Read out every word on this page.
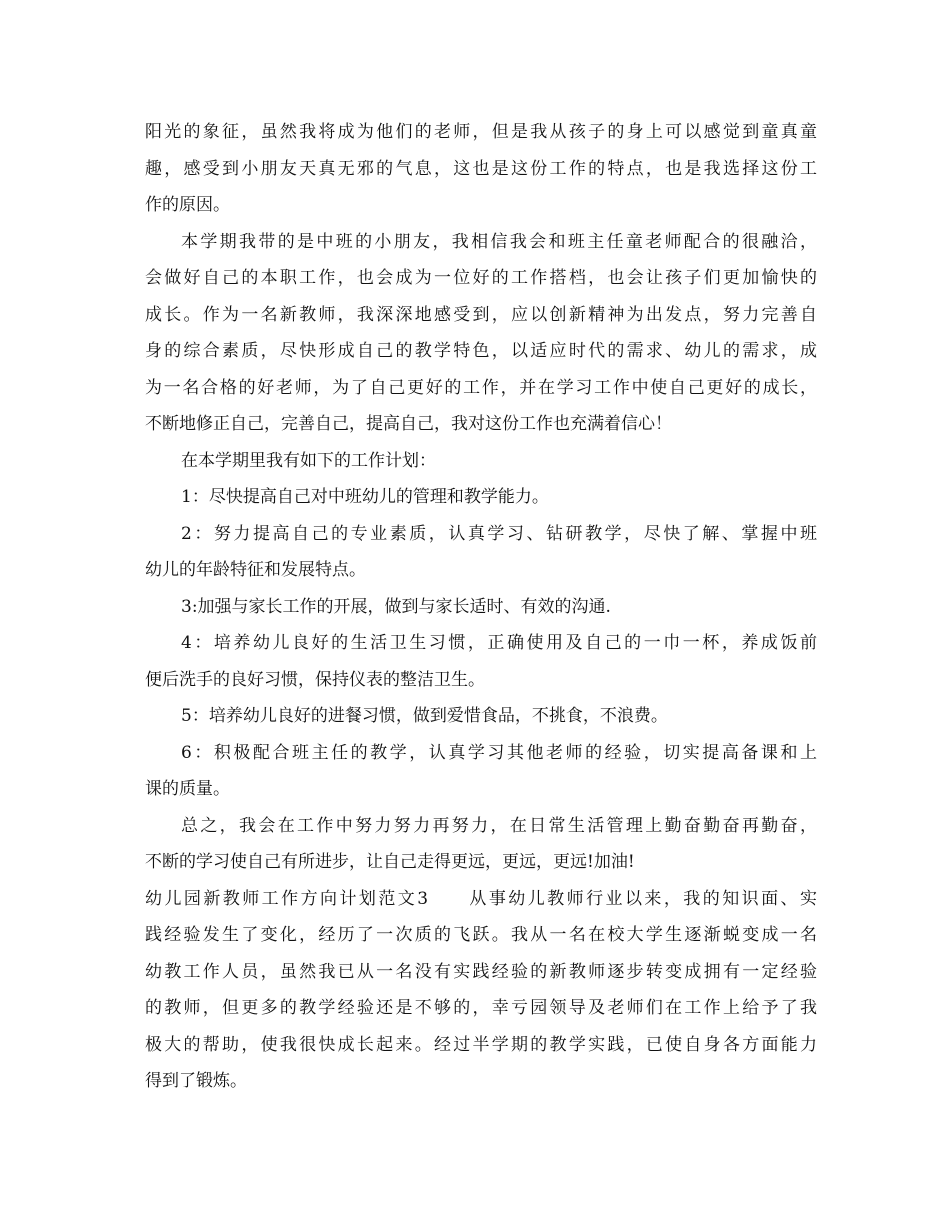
阳光的象征，虽然我将成为他们的老师，但是我从孩子的身上可以感觉到童真童
趣，感受到小朋友天真无邪的气息，这也是这份工作的特点，也是我选择这份工
作的原因。
本学期我带的是中班的小朋友，我相信我会和班主任童老师配合的很融洽，
会做好自己的本职工作，也会成为一位好的工作搭档，也会让孩子们更加愉快的
成长。作为一名新教师，我深深地感受到，应以创新精神为出发点，努力完善自
身的综合素质，尽快形成自己的教学特色，以适应时代的需求、幼儿的需求，成
为一名合格的好老师，为了自己更好的工作，并在学习工作中使自己更好的成长，
不断地修正自己，完善自己，提高自己，我对这份工作也充满着信心！
在本学期里我有如下的工作计划：
1：尽快提高自己对中班幼儿的管理和教学能力。
2：努力提高自己的专业素质，认真学习、钻研教学，尽快了解、掌握中班
幼儿的年龄特征和发展特点。
3:加强与家长工作的开展，做到与家长适时、有效的沟通.
4：培养幼儿良好的生活卫生习惯，正确使用及自己的一巾一杯，养成饭前
便后洗手的良好习惯，保持仪表的整洁卫生。
5：培养幼儿良好的进餐习惯，做到爱惜食品，不挑食，不浪费。
6：积极配合班主任的教学，认真学习其他老师的经验，切实提高备课和上
课的质量。
总之，我会在工作中努力努力再努力，在日常生活管理上勤奋勤奋再勤奋，
不断的学习使自己有所进步，让自己走得更远，更远，更远!加油!
幼儿园新教师工作方向计划范文3　　从事幼儿教师行业以来，我的知识面、实
践经验发生了变化，经历了一次质的飞跃。我从一名在校大学生逐渐蜕变成一名
幼教工作人员，虽然我已从一名没有实践经验的新教师逐步转变成拥有一定经验
的教师，但更多的教学经验还是不够的，幸亏园领导及老师们在工作上给予了我
极大的帮助，使我很快成长起来。经过半学期的教学实践，已使自身各方面能力
得到了锻炼。
